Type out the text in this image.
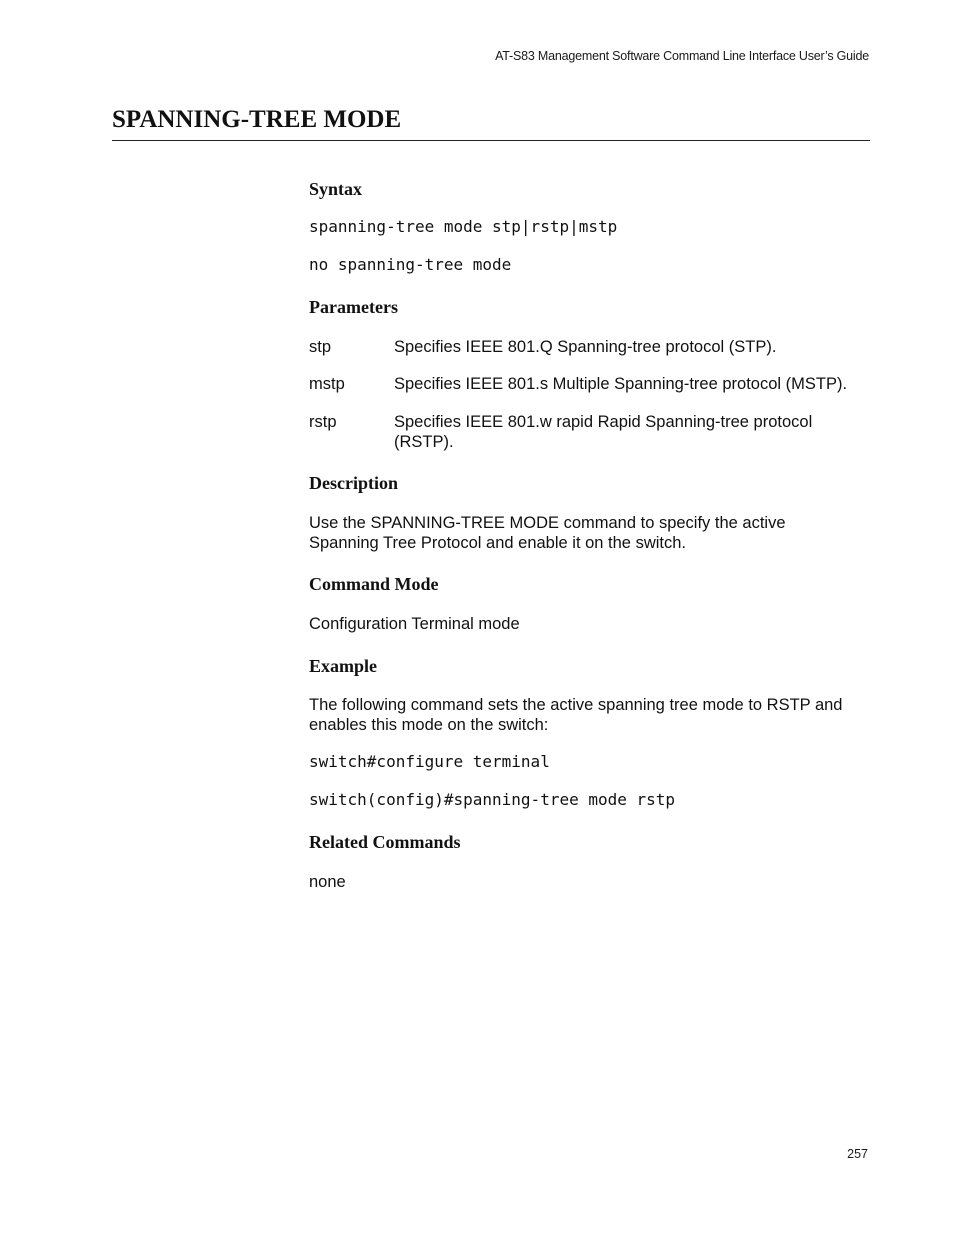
AT-S83 Management Software Command Line Interface User’s Guide
SPANNING-TREE MODE
Syntax
spanning-tree mode stp|rstp|mstp
no spanning-tree mode
Parameters
stp	Specifies IEEE 801.Q Spanning-tree protocol (STP).
mstp	Specifies IEEE 801.s Multiple Spanning-tree protocol (MSTP).
rstp	Specifies IEEE 801.w rapid Rapid Spanning-tree protocol (RSTP).
Description

Use the SPANNING-TREE MODE command to specify the active Spanning Tree Protocol and enable it on the switch.

Command Mode

Configuration Terminal mode

Example

The following command sets the active spanning tree mode to RSTP and enables this mode on the switch:

switch#configure terminal
switch(config)#spanning-tree mode rstp
Related Commands

none

257
